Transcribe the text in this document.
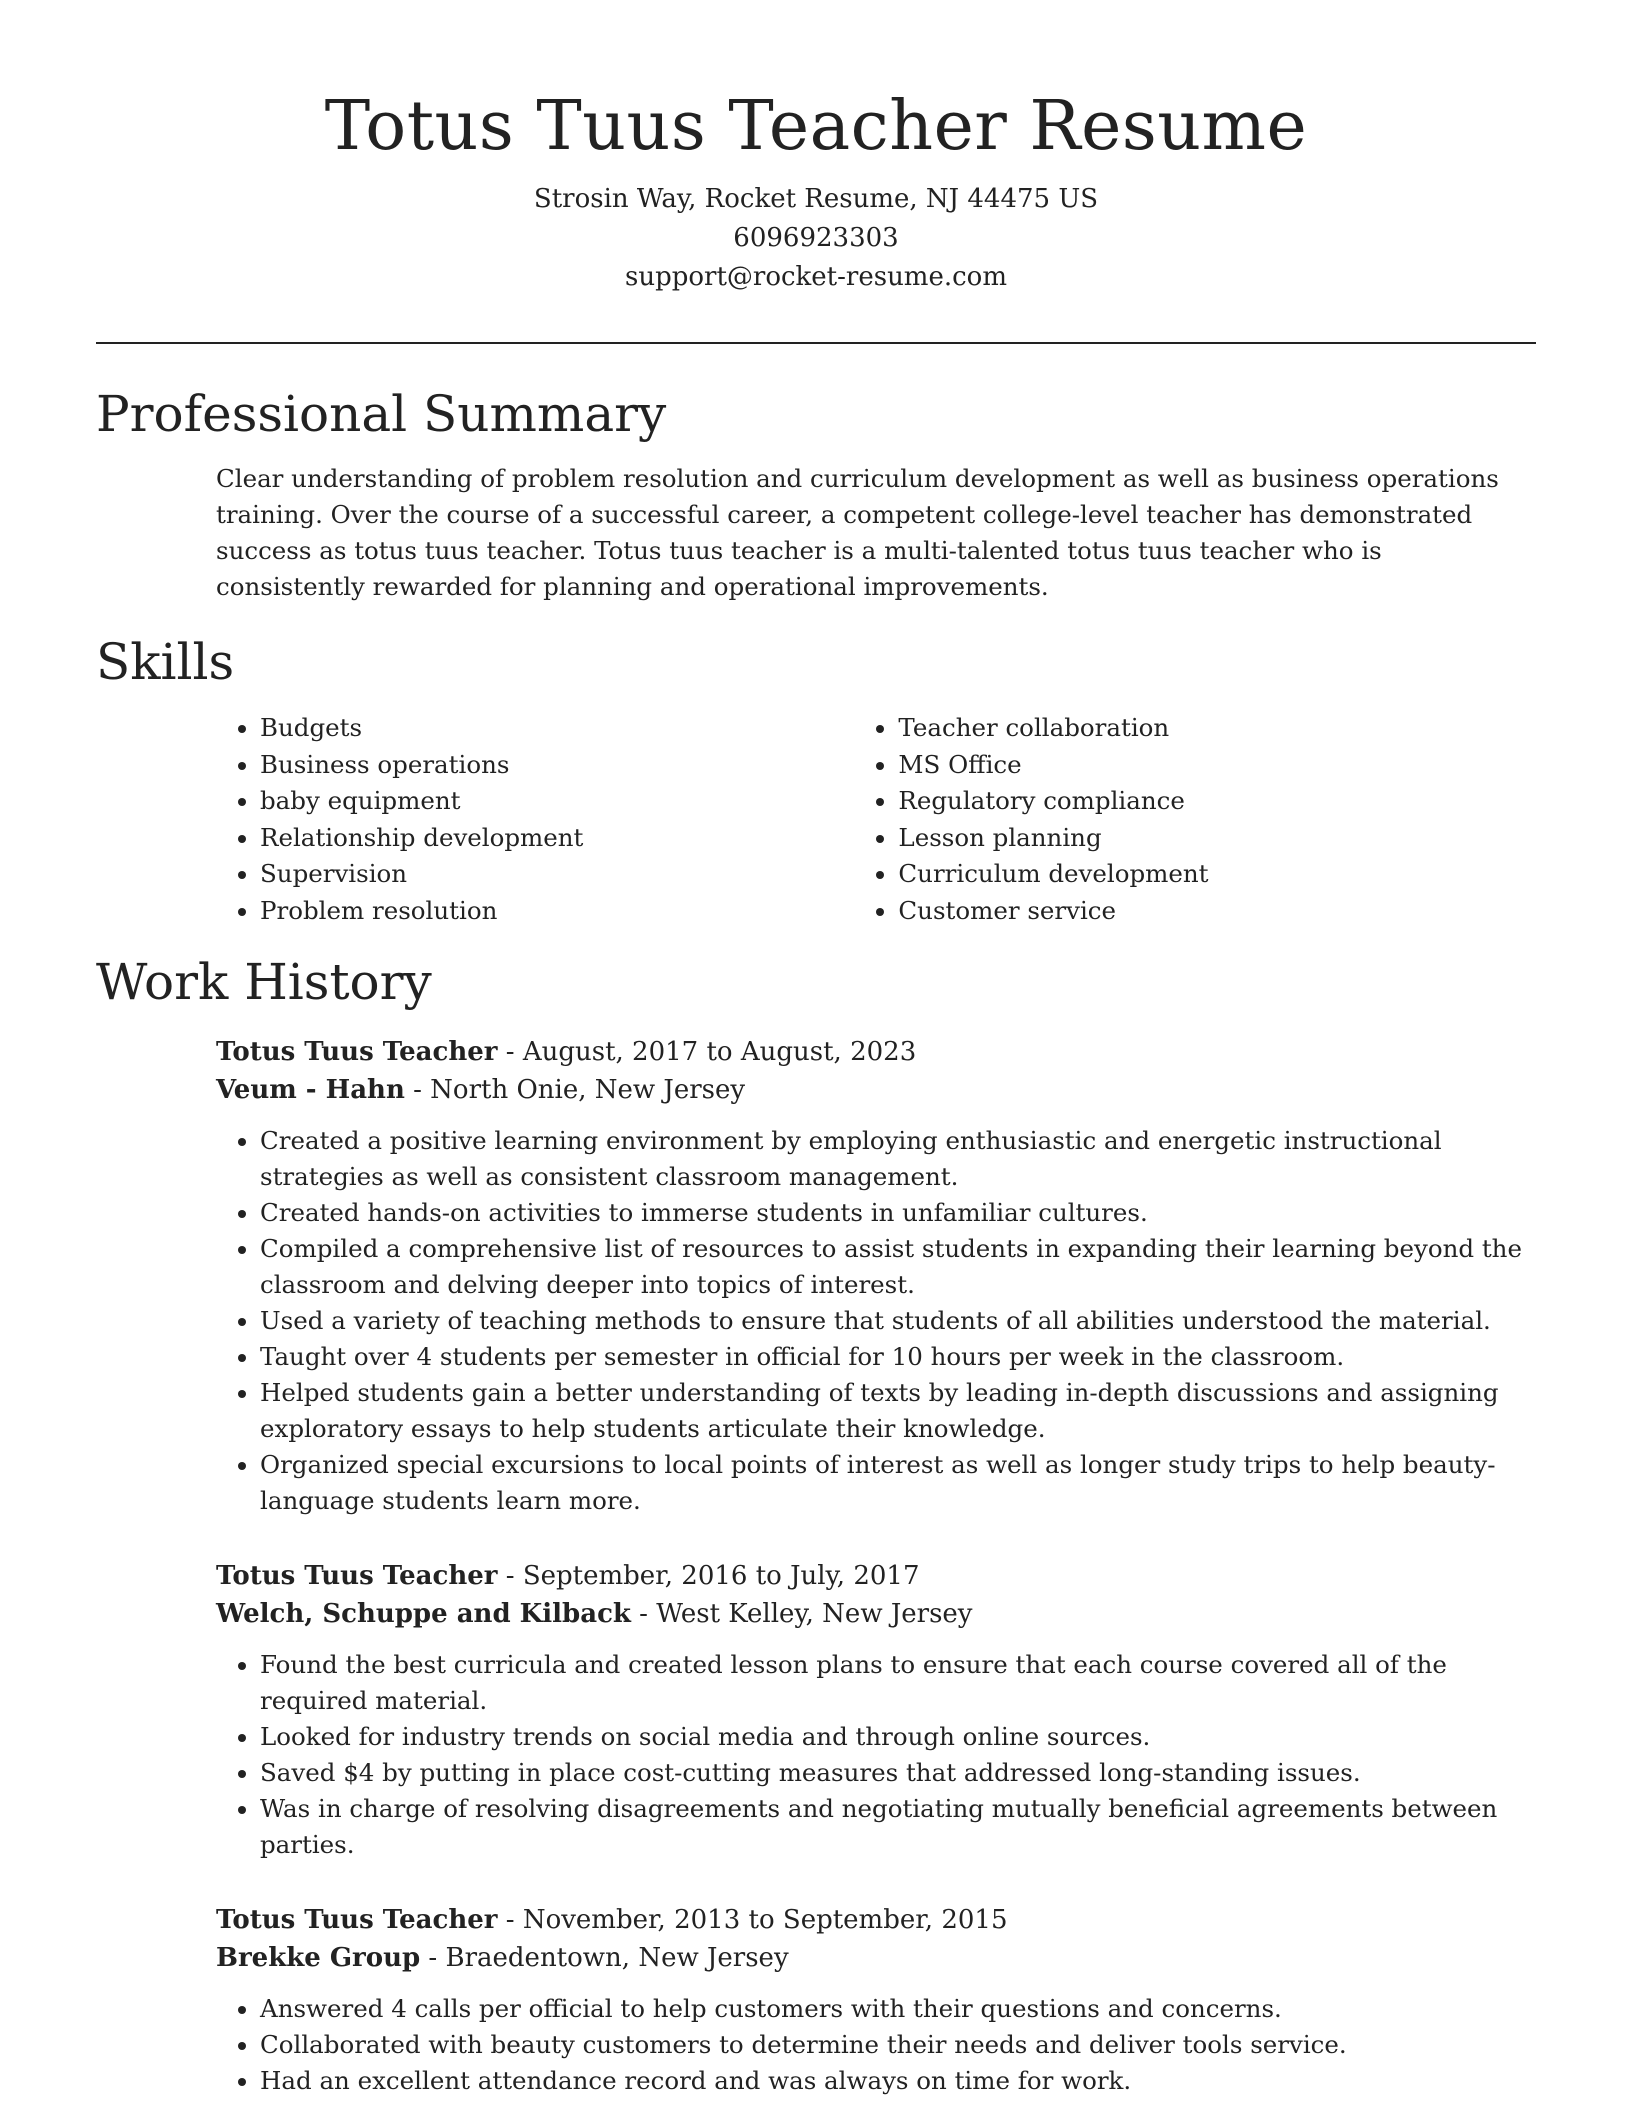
Totus Tuus Teacher Resume

Strosin Way, Rocket Resume, NJ 44475 US

6096923303

support@rocket-resume.com

Professional Summary

Clear understanding of problem resolution and curriculum development as well as business operations training. Over the course of a successful career, a competent college-level teacher has demonstrated success as totus tuus teacher. Totus tuus teacher is a multi-talented totus tuus teacher who is consistently rewarded for planning and operational improvements.

Skills
• Budgets
• Business operations
• baby equipment
• Relationship development
• Supervision
• Problem resolution
• Teacher collaboration
• MS Office
• Regulatory compliance
• Lesson planning
• Curriculum development
• Customer service
Work History

Totus Tuus Teacher - August, 2017 to August, 2023

Veum - Hahn - North Onie, New Jersey

• Created a positive learning environment by employing enthusiastic and energetic instructional strategies as well as consistent classroom management.
• Created hands-on activities to immerse students in unfamiliar cultures.
• Compiled a comprehensive list of resources to assist students in expanding their learning beyond the classroom and delving deeper into topics of interest.
• Used a variety of teaching methods to ensure that students of all abilities understood the material.
• Taught over 4 students per semester in official for 10 hours per week in the classroom.
• Helped students gain a better understanding of texts by leading in-depth discussions and assigning exploratory essays to help students articulate their knowledge.
• Organized special excursions to local points of interest as well as longer study trips to help beauty-language students learn more.

Totus Tuus Teacher - September, 2016 to July, 2017

Welch, Schuppe and Kilback - West Kelley, New Jersey

• Found the best curricula and created lesson plans to ensure that each course covered all of the required material.
• Looked for industry trends on social media and through online sources.
• Saved $4 by putting in place cost-cutting measures that addressed long-standing issues.
• Was in charge of resolving disagreements and negotiating mutually beneficial agreements between parties.

Totus Tuus Teacher - November, 2013 to September, 2015

Brekke Group - Braedentown, New Jersey

• Answered 4 calls per official to help customers with their questions and concerns.
• Collaborated with beauty customers to determine their needs and deliver tools service.
• Had an excellent attendance record and was always on time for work.
